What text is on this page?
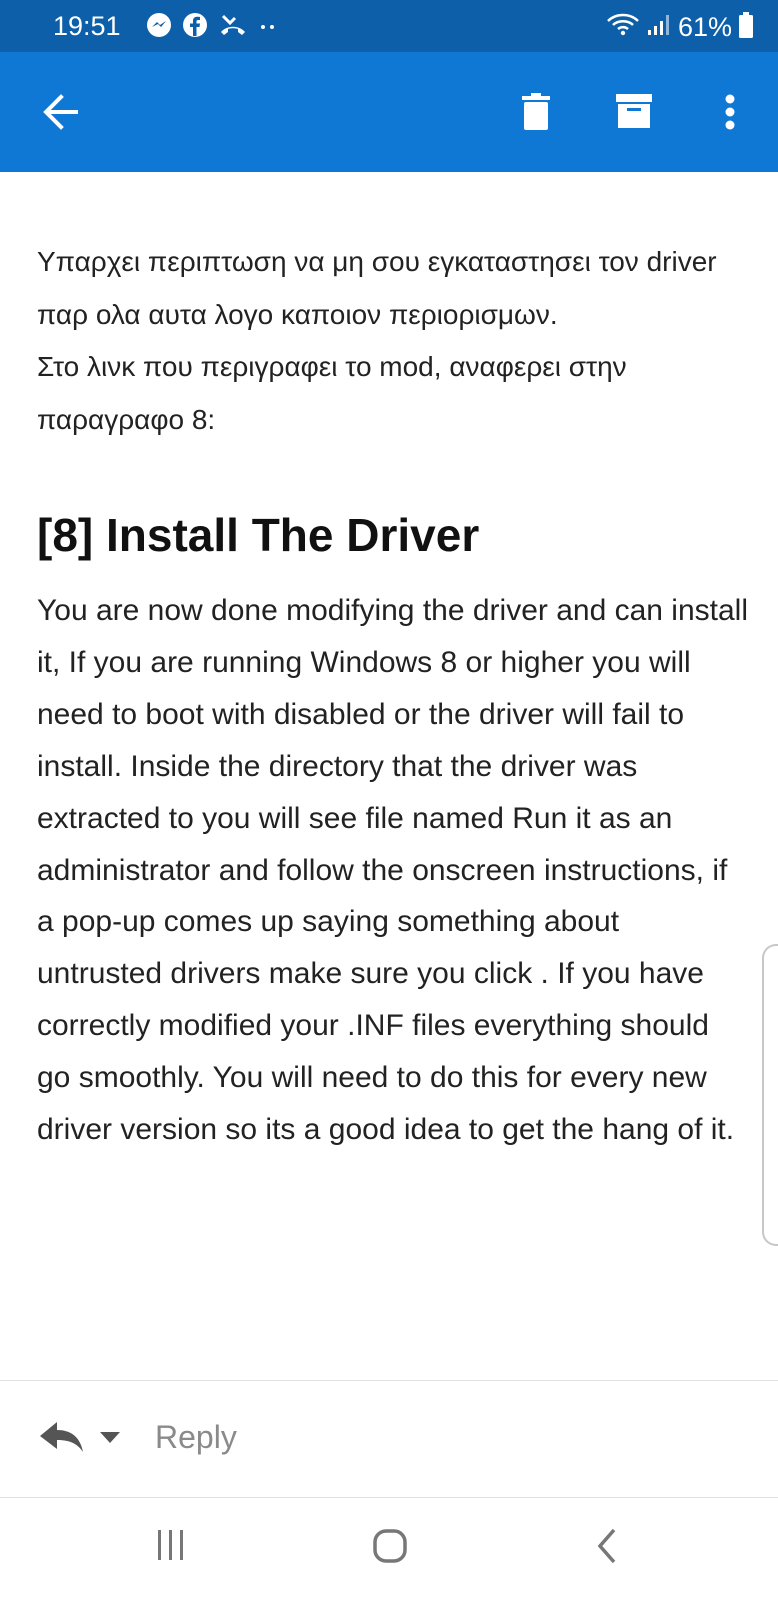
19:51	61%
Υπαρχει περιπτωση να μη σου εγκαταστησει τον driver παρ ολα αυτα λογο καποιον περιορισμων.
Στο λινκ που περιγραφει το mod, αναφερει στην παραγραφο 8:
[8] Install The Driver
You are now done modifying the driver and can install it, If you are running Windows 8 or higher you will need to boot with disabled or the driver will fail to install. Inside the directory that the driver was extracted to you will see file named Run it as an administrator and follow the onscreen instructions, if a pop-up comes up saying something about untrusted drivers make sure you click . If you have correctly modified your .INF files everything should go smoothly. You will need to do this for every new driver version so its a good idea to get the hang of it.
Reply
